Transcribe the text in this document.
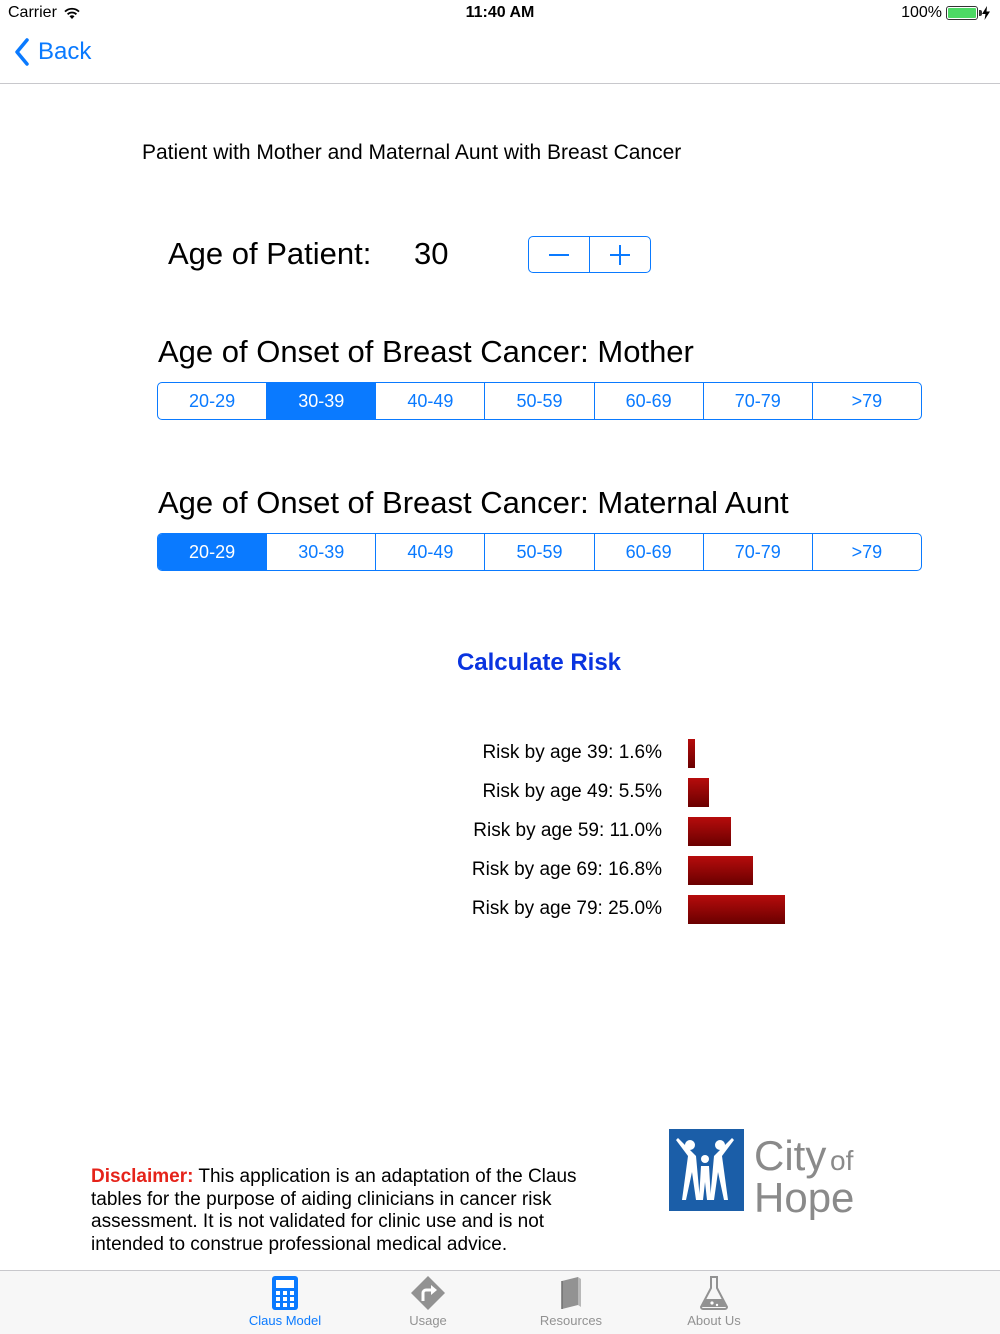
Carrier	11:40 AM	100%
Back
Patient with Mother and Maternal Aunt with Breast Cancer
Age of Patient: 30
Age of Onset of Breast Cancer: Mother
20-29	30-39	40-49	50-59	60-69	70-79	>79
Age of Onset of Breast Cancer: Maternal Aunt
20-29	30-39	40-49	50-59	60-69	70-79	>79
Calculate Risk
Risk by age 39: 1.6%
Risk by age 49: 5.5%
Risk by age 59: 11.0%
Risk by age 69: 16.8%
Risk by age 79: 25.0%
Disclaimer: This application is an adaptation of the Claus tables for the purpose of aiding clinicians in cancer risk assessment. It is not validated for clinic use and is not intended to construe professional medical advice.
City of
Hope
Claus Model	Usage	Resources	About Us
